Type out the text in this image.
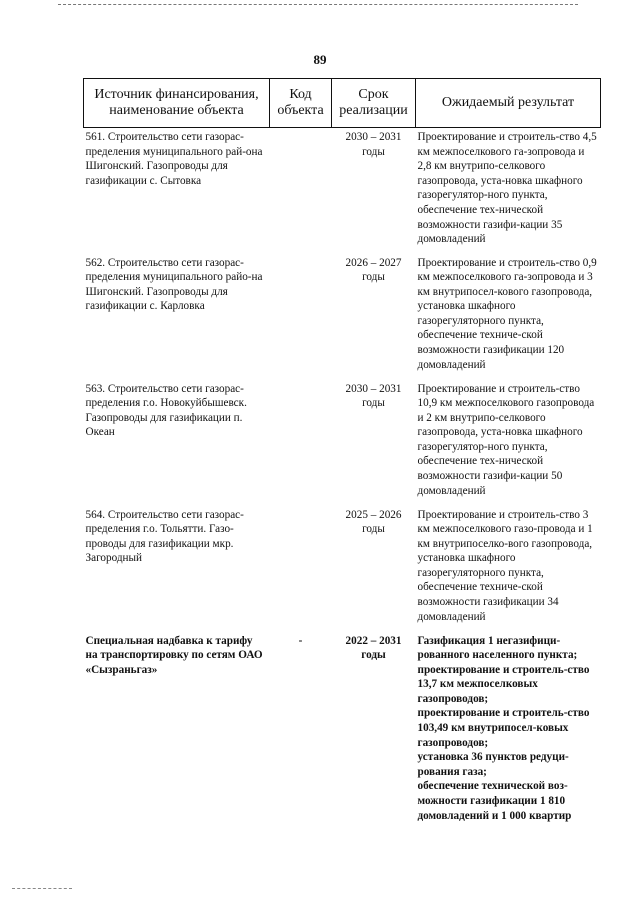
89
Источник финансирования, наименование объекта	Код объекта	Срок реализации	Ожидаемый результат
561. Строительство сети газорас-пределения муниципального рай-она Шигонский. Газопроводы для газификации с. Сытовка		2030 – 2031 годы	Проектирование и строитель-ство 4,5 км межпоселкового га-зопровода и 2,8 км внутрипо-селкового газопровода, уста-новка шкафного газорегулятор-ного пункта, обеспечение тех-нической возможности газифи-кации 35 домовладений
562. Строительство сети газорас-пределения муниципального райо-на Шигонский. Газопроводы для газификации с. Карловка		2026 – 2027 годы	Проектирование и строитель-ство 0,9 км межпоселкового га-зопровода и 3 км внутрипосел-кового газопровода, установка шкафного газорегуляторного пункта, обеспечение техниче-ской возможности газификации 120 домовладений
563. Строительство сети газорас-пределения г.о. Новокуйбышевск. Газопроводы для газификации п. Океан		2030 – 2031 годы	Проектирование и строитель-ство 10,9 км межпоселкового газопровода и 2 км внутрипо-селкового газопровода, уста-новка шкафного газорегулятор-ного пункта, обеспечение тех-нической возможности газифи-кации 50 домовладений
564. Строительство сети газорас-пределения г.о. Тольятти. Газо-проводы для газификации мкр. Загородный		2025 – 2026 годы	Проектирование и строитель-ство 3 км межпоселкового газо-провода и 1 км внутрипоселко-вого газопровода, установка шкафного газорегуляторного пункта, обеспечение техниче-ской возможности газификации 34 домовладений
Специальная надбавка к тарифу на транспортировку по сетям ОАО «Сызраньгаз»	-	2022 – 2031 годы	Газификация 1 негазифици-рованного населенного пункта;
проектирование и строитель-ство 13,7 км межпоселковых газопроводов;
проектирование и строитель-ство 103,49 км внутрипосел-ковых газопроводов;
установка 36 пунктов редуци-рования газа;
обеспечение технической воз-можности газификации 1 810 домовладений и 1 000 квартир
